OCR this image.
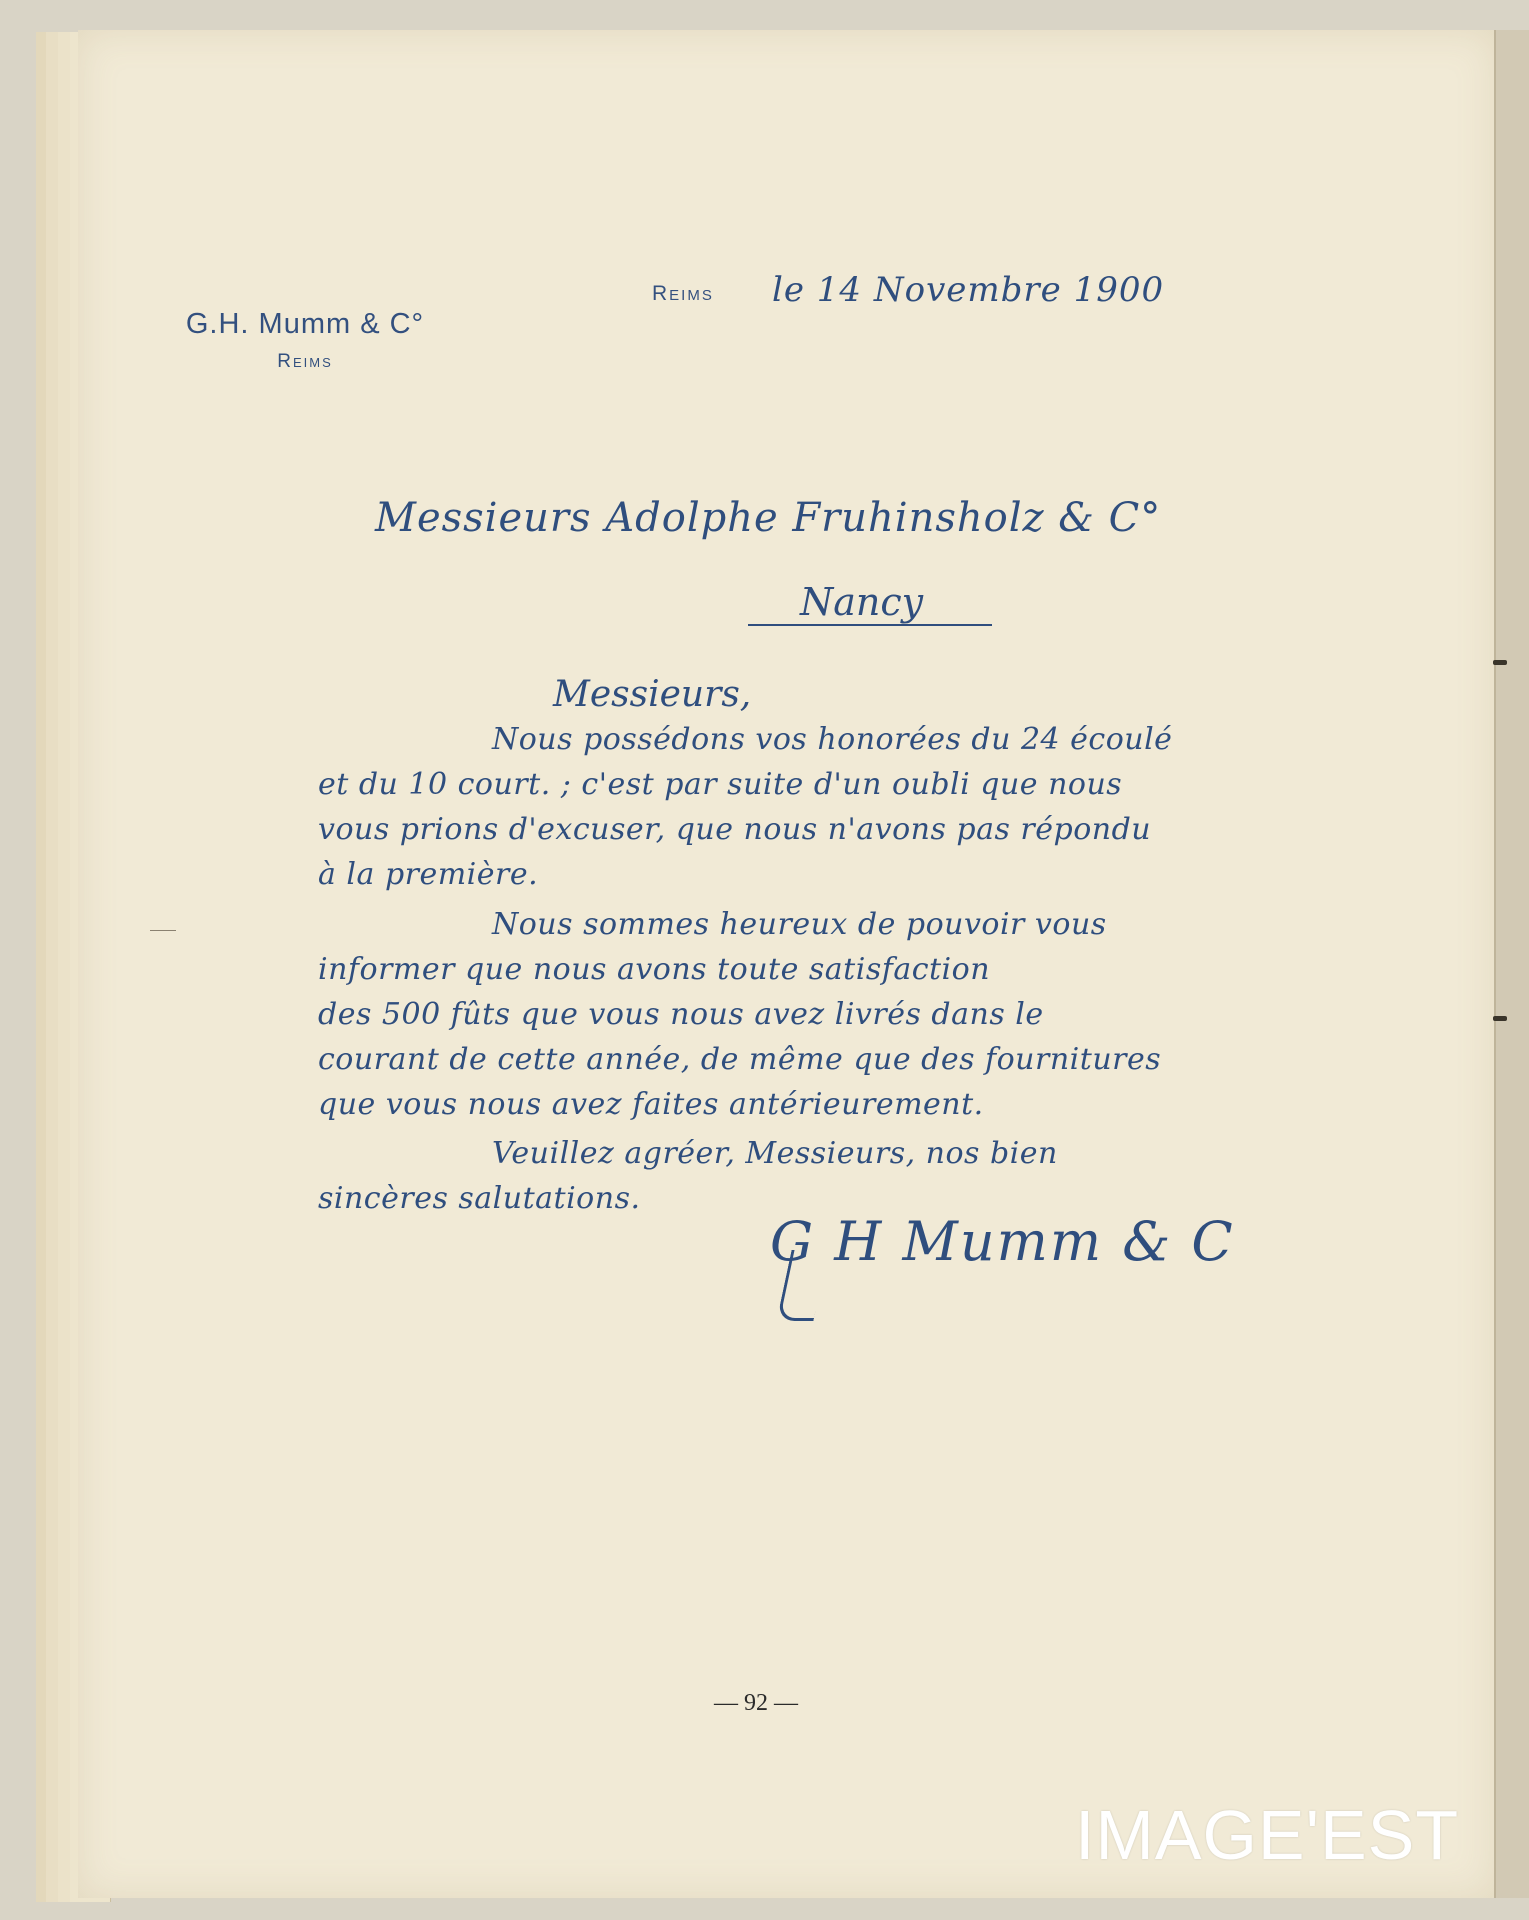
G.H. Mumm & C°
Reims
Reims le 14 Novembre 1900
Messieurs Adolphe Fruhinsholz & C°
Nancy
Messieurs,
Nous possédons vos honorées du 24 écoulé
et du 10 court. ; c'est par suite d'un oubli que nous
vous prions d'excuser, que nous n'avons pas répondu
à la première.
Nous sommes heureux de pouvoir vous
informer que nous avons toute satisfaction
des 500 fûts que vous nous avez livrés dans le
courant de cette année, de même que des fournitures
que vous nous avez faites antérieurement.
Veuillez agréer, Messieurs, nos bien
sincères salutations.
G H Mumm & C
— 92 —
IMAGE'EST
